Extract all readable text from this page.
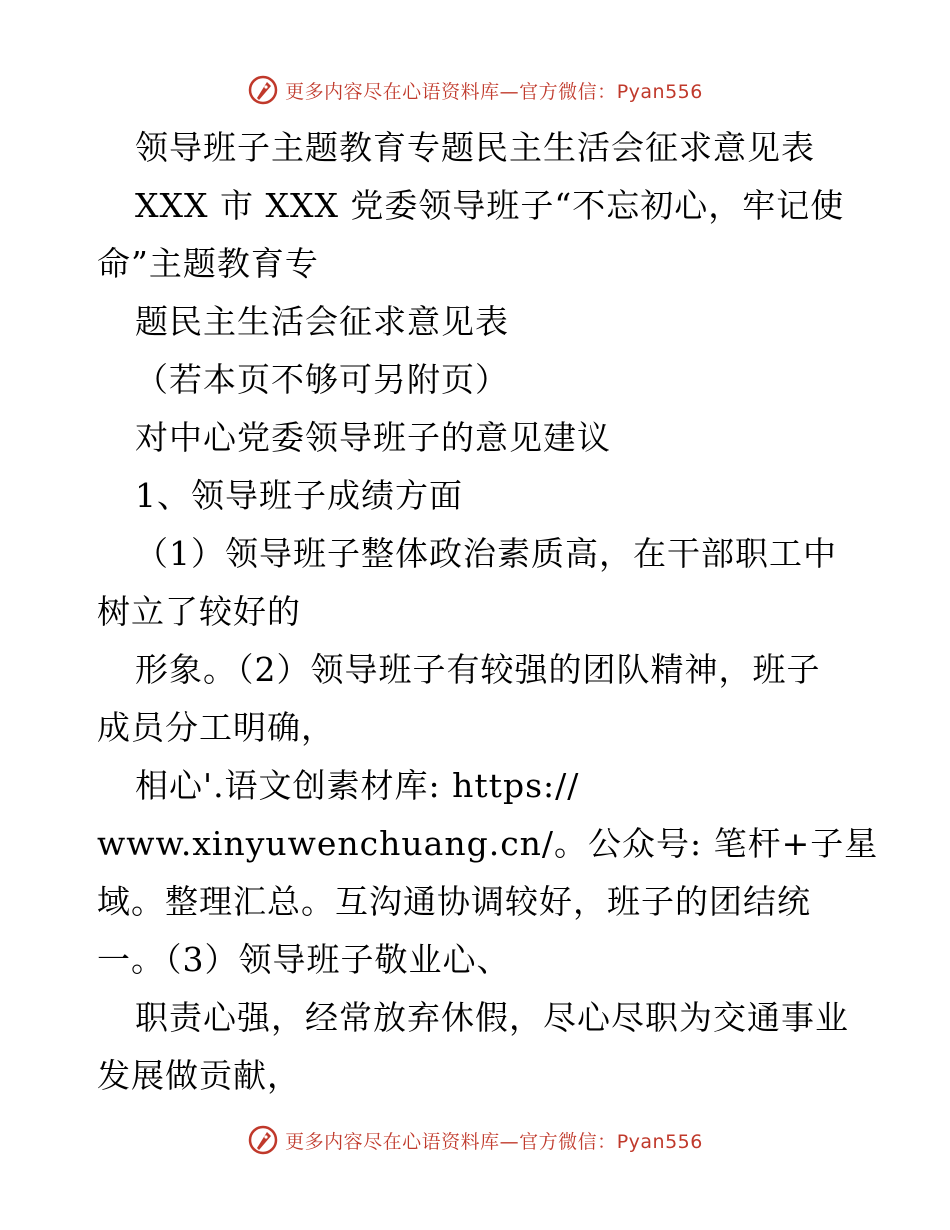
更多内容尽在心语资料库—官方微信：Pyan556
领导班子主题教育专题民主生活会征求意见表
XXX 市 XXX 党委领导班子“不忘初心，牢记使
命”主题教育专
题民主生活会征求意见表
（若本页不够可另附页）
对中心党委领导班子的意见建议
1、领导班子成绩方面
（1）领导班子整体政治素质高，在干部职工中
树立了较好的
形象。（2）领导班子有较强的团队精神，班子
成员分工明确，
相心'.语文创素材库: https://
www.xinyuwenchuang.cn/。公众号: 笔杆+子星
域。整理汇总。互沟通协调较好，班子的团结统
一。（3）领导班子敬业心、
职责心强，经常放弃休假，尽心尽职为交通事业
发展做贡献，
更多内容尽在心语资料库—官方微信：Pyan556
